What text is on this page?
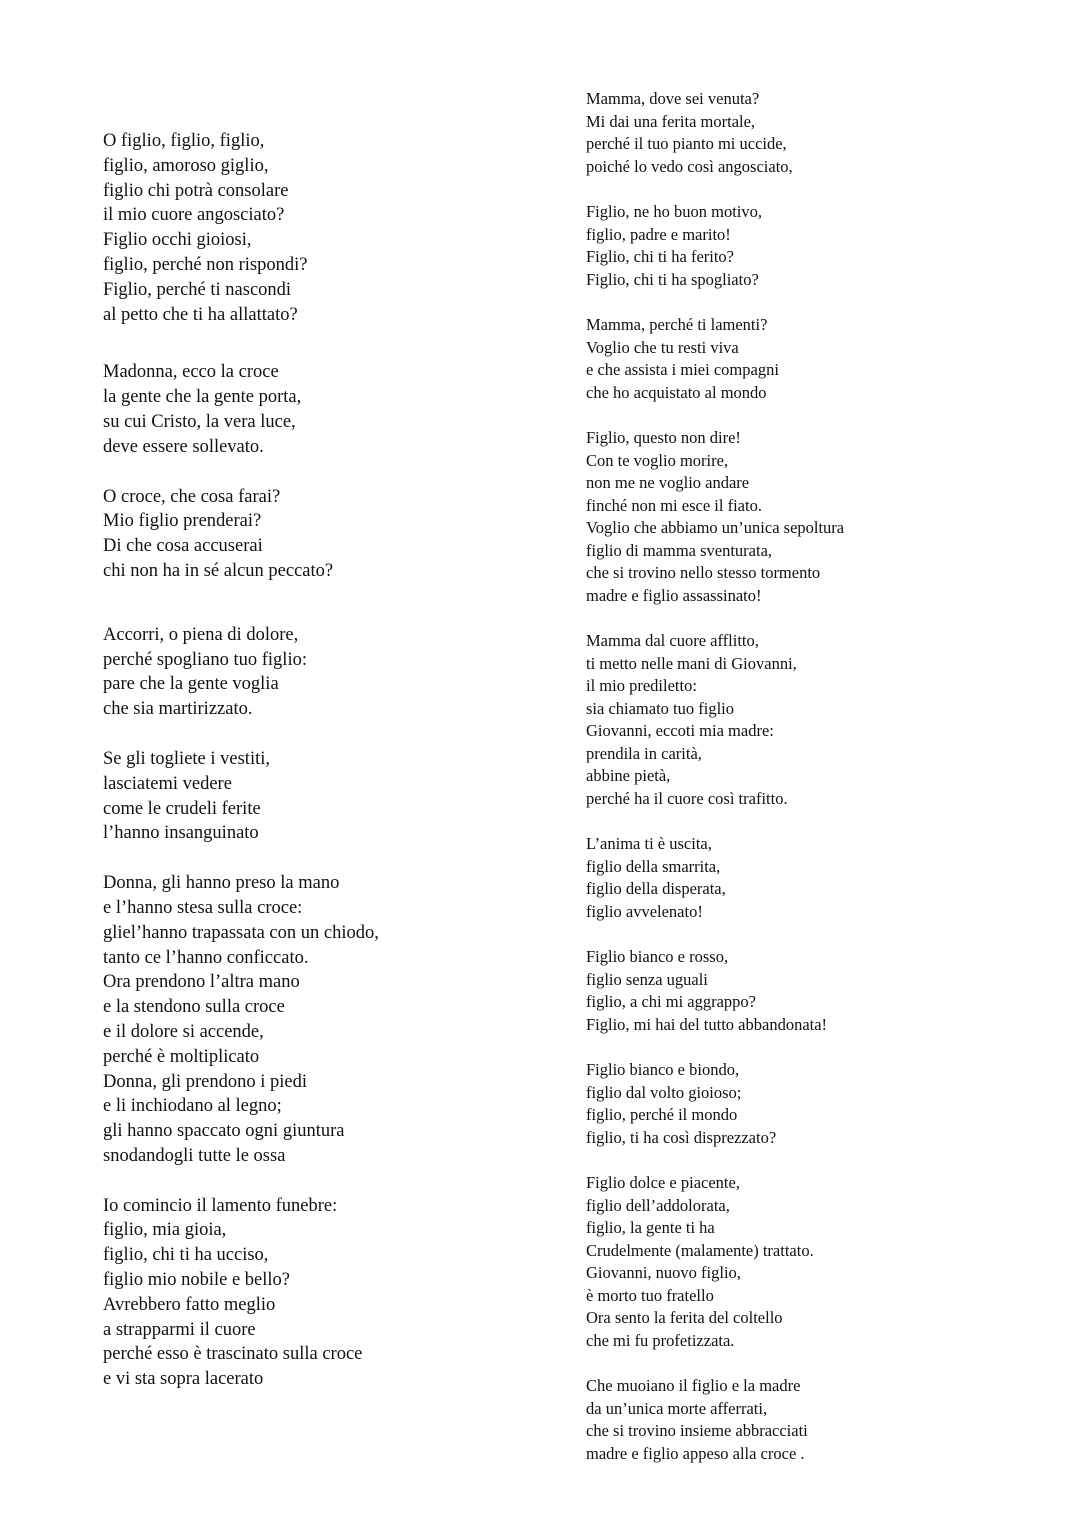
O figlio, figlio, figlio,
figlio, amoroso giglio,
figlio chi potrà consolare
il mio cuore angosciato?
Figlio occhi gioiosi,
figlio, perché non rispondi?
Figlio, perché ti nascondi
al petto che ti ha allattato?
Madonna, ecco la croce
la gente che la gente porta,
su cui Cristo, la vera luce,
deve essere sollevato.
O croce, che cosa farai?
Mio figlio prenderai?
Di che cosa accuserai
chi non ha in sé alcun peccato?
Accorri, o piena di dolore,
perché spogliano tuo figlio:
pare che la gente voglia
che sia martirizzato.
Se gli togliete i vestiti,
lasciatemi vedere
come le crudeli ferite
l’hanno insanguinato
Donna, gli hanno preso la mano
e l’hanno stesa sulla croce:
gliel’hanno trapassata con un chiodo,
tanto ce l’hanno conficcato.
Ora prendono l’altra mano
e la stendono sulla croce
e il dolore si accende,
perché è moltiplicato
Donna, gli prendono i piedi
e li inchiodano al legno;
gli hanno spaccato ogni giuntura
snodandogli tutte le ossa
Io comincio il lamento funebre:
figlio, mia gioia,
figlio, chi ti ha ucciso,
figlio mio nobile e bello?
Avrebbero fatto meglio
a strapparmi il cuore
perché esso è trascinato sulla croce
e vi sta sopra lacerato
Mamma, dove sei venuta?
Mi dai una ferita mortale,
perché il tuo pianto mi uccide,
poiché lo vedo così angosciato,
Figlio, ne ho buon motivo,
figlio, padre e marito!
Figlio, chi ti ha ferito?
Figlio, chi ti ha spogliato?
Mamma, perché ti lamenti?
Voglio che tu resti viva
e che assista i miei compagni
che ho acquistato al mondo
Figlio, questo non dire!
Con te voglio morire,
non me ne voglio andare
finché non mi esce il fiato.
Voglio che abbiamo un’unica sepoltura
figlio di mamma sventurata,
che si trovino nello stesso tormento
madre e figlio assassinato!
Mamma dal cuore afflitto,
ti metto nelle mani di Giovanni,
il mio prediletto:
sia chiamato tuo figlio
Giovanni, eccoti mia madre:
prendila in carità,
abbine pietà,
perché ha il cuore così trafitto.
L’anima ti è uscita,
figlio della smarrita,
figlio della disperata,
figlio avvelenato!
Figlio bianco e rosso,
figlio senza uguali
figlio, a chi mi aggrappo?
Figlio, mi hai del tutto abbandonata!
Figlio bianco e biondo,
figlio dal volto gioioso;
figlio, perché il mondo
figlio, ti ha così disprezzato?
Figlio dolce e piacente,
figlio dell’addolorata,
figlio, la gente ti ha
Crudelmente (malamente) trattato.
Giovanni, nuovo figlio,
è morto tuo fratello
Ora sento la ferita del coltello
che mi fu profetizzata.
Che muoiano il figlio e la madre
da un’unica morte afferrati,
che si trovino insieme abbracciati
madre e figlio appeso alla croce .
